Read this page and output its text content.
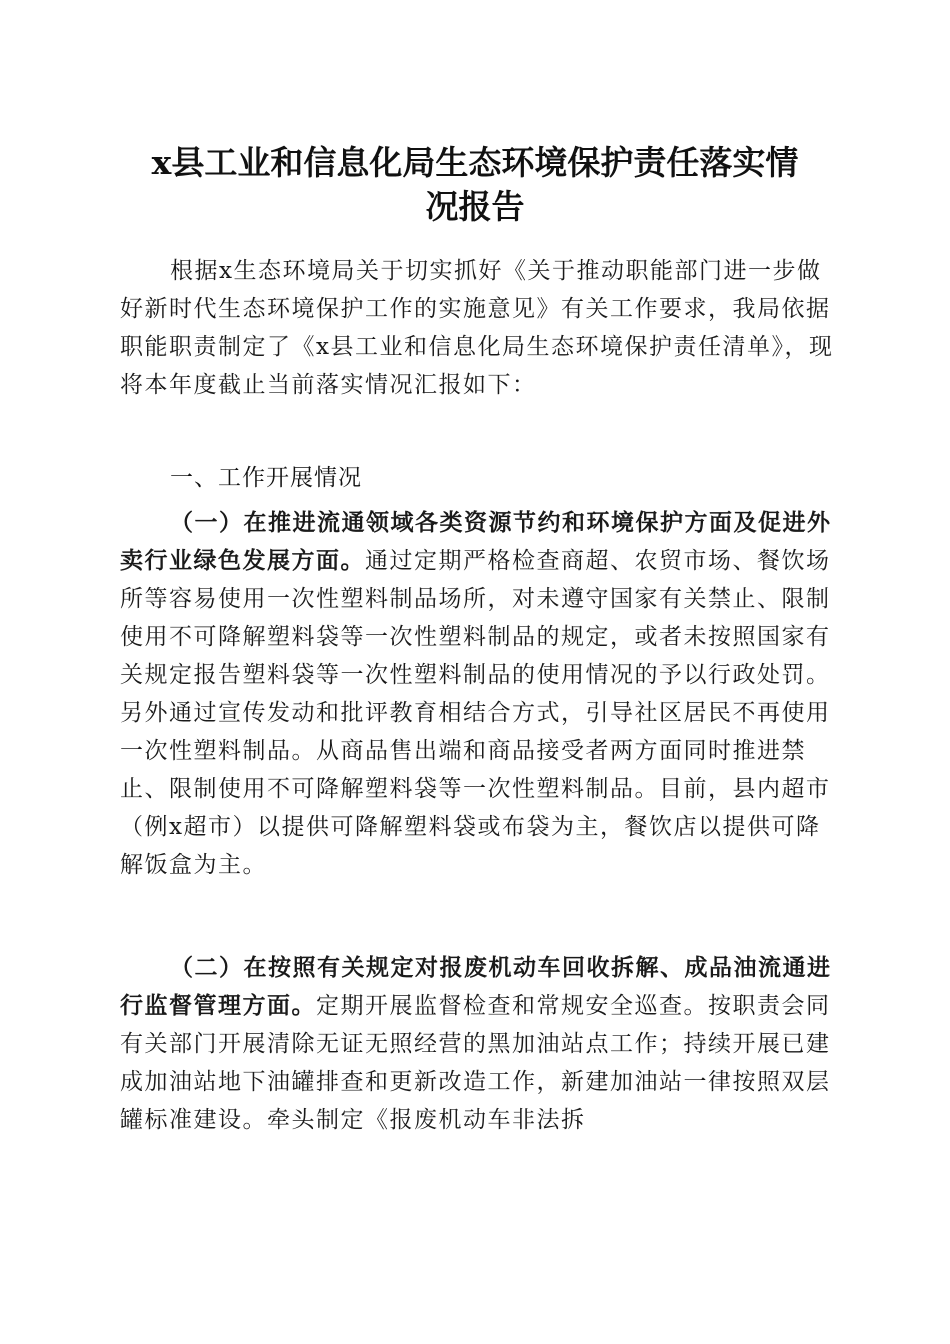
x县工业和信息化局生态环境保护责任落实情
况报告

根据x生态环境局关于切实抓好《关于推动职能部门进一步做好新时代生态环境保护工作的实施意见》有关工作要求，我局依据职能职责制定了《x县工业和信息化局生态环境保护责任清单》，现将本年度截止当前落实情况汇报如下：

一、工作开展情况

（一）在推进流通领域各类资源节约和环境保护方面及促进外卖行业绿色发展方面。通过定期严格检查商超、农贸市场、餐饮场所等容易使用一次性塑料制品场所，对未遵守国家有关禁止、限制使用不可降解塑料袋等一次性塑料制品的规定，或者未按照国家有关规定报告塑料袋等一次性塑料制品的使用情况的予以行政处罚。另外通过宣传发动和批评教育相结合方式，引导社区居民不再使用一次性塑料制品。从商品售出端和商品接受者两方面同时推进禁止、限制使用不可降解塑料袋等一次性塑料制品。目前，县内超市（例x超市）以提供可降解塑料袋或布袋为主，餐饮店以提供可降解饭盒为主。

（二）在按照有关规定对报废机动车回收拆解、成品油流通进行监督管理方面。定期开展监督检查和常规安全巡查。按职责会同有关部门开展清除无证无照经营的黑加油站点工作；持续开展已建成加油站地下油罐排查和更新改造工作，新建加油站一律按照双层罐标准建设。牵头制定《报废机动车非法拆
